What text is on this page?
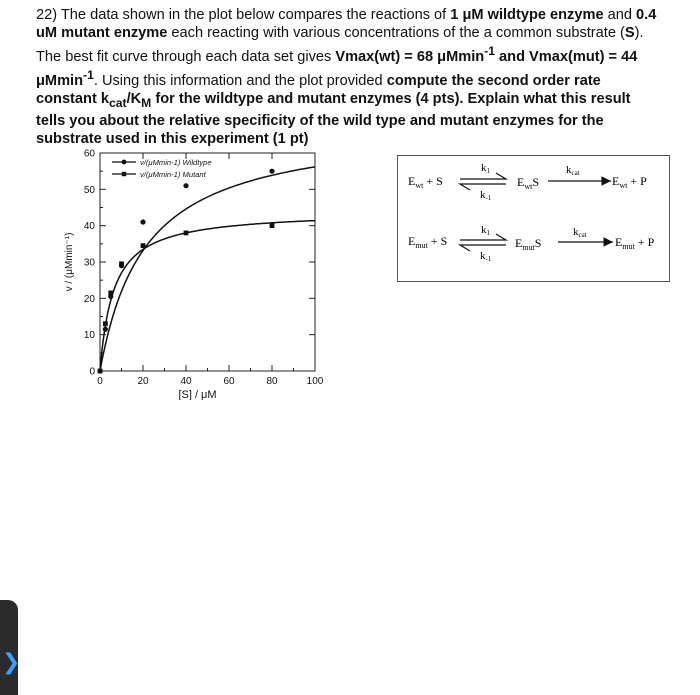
22) The data shown in the plot below compares the reactions of 1 μM wildtype enzyme and 0.4 uM mutant enzyme each reacting with various concentrations of the a common substrate (S). The best fit curve through each data set gives Vmax(wt) = 68 μMmin$^{-1}$ and Vmax(mut) = 44 μMmin$^{-1}$. Using this information and the plot provided compute the second order rate constant $k_{cat}/K_M$ for the wildtype and mutant enzymes (4 pts). Explain what this result tells you about the relative specificity of the wild type and mutant enzymes for the substrate used in this experiment (1 pt)
0	20	40	60	80	100
0
10
20
30
40
50
60
[S] / μM
v / (μMmin⁻¹)
v/(μMmin-1) Wildtype
v/(μMmin-1) Mutant	$E_{wt} + S$
k1
k-1
$E_{wt}S$
kcat
$E_{wt} + P$
$E_{mut} + S$
k1
k-1
$E_{mut}S$
kcat $E_{mut} + P$
❯
